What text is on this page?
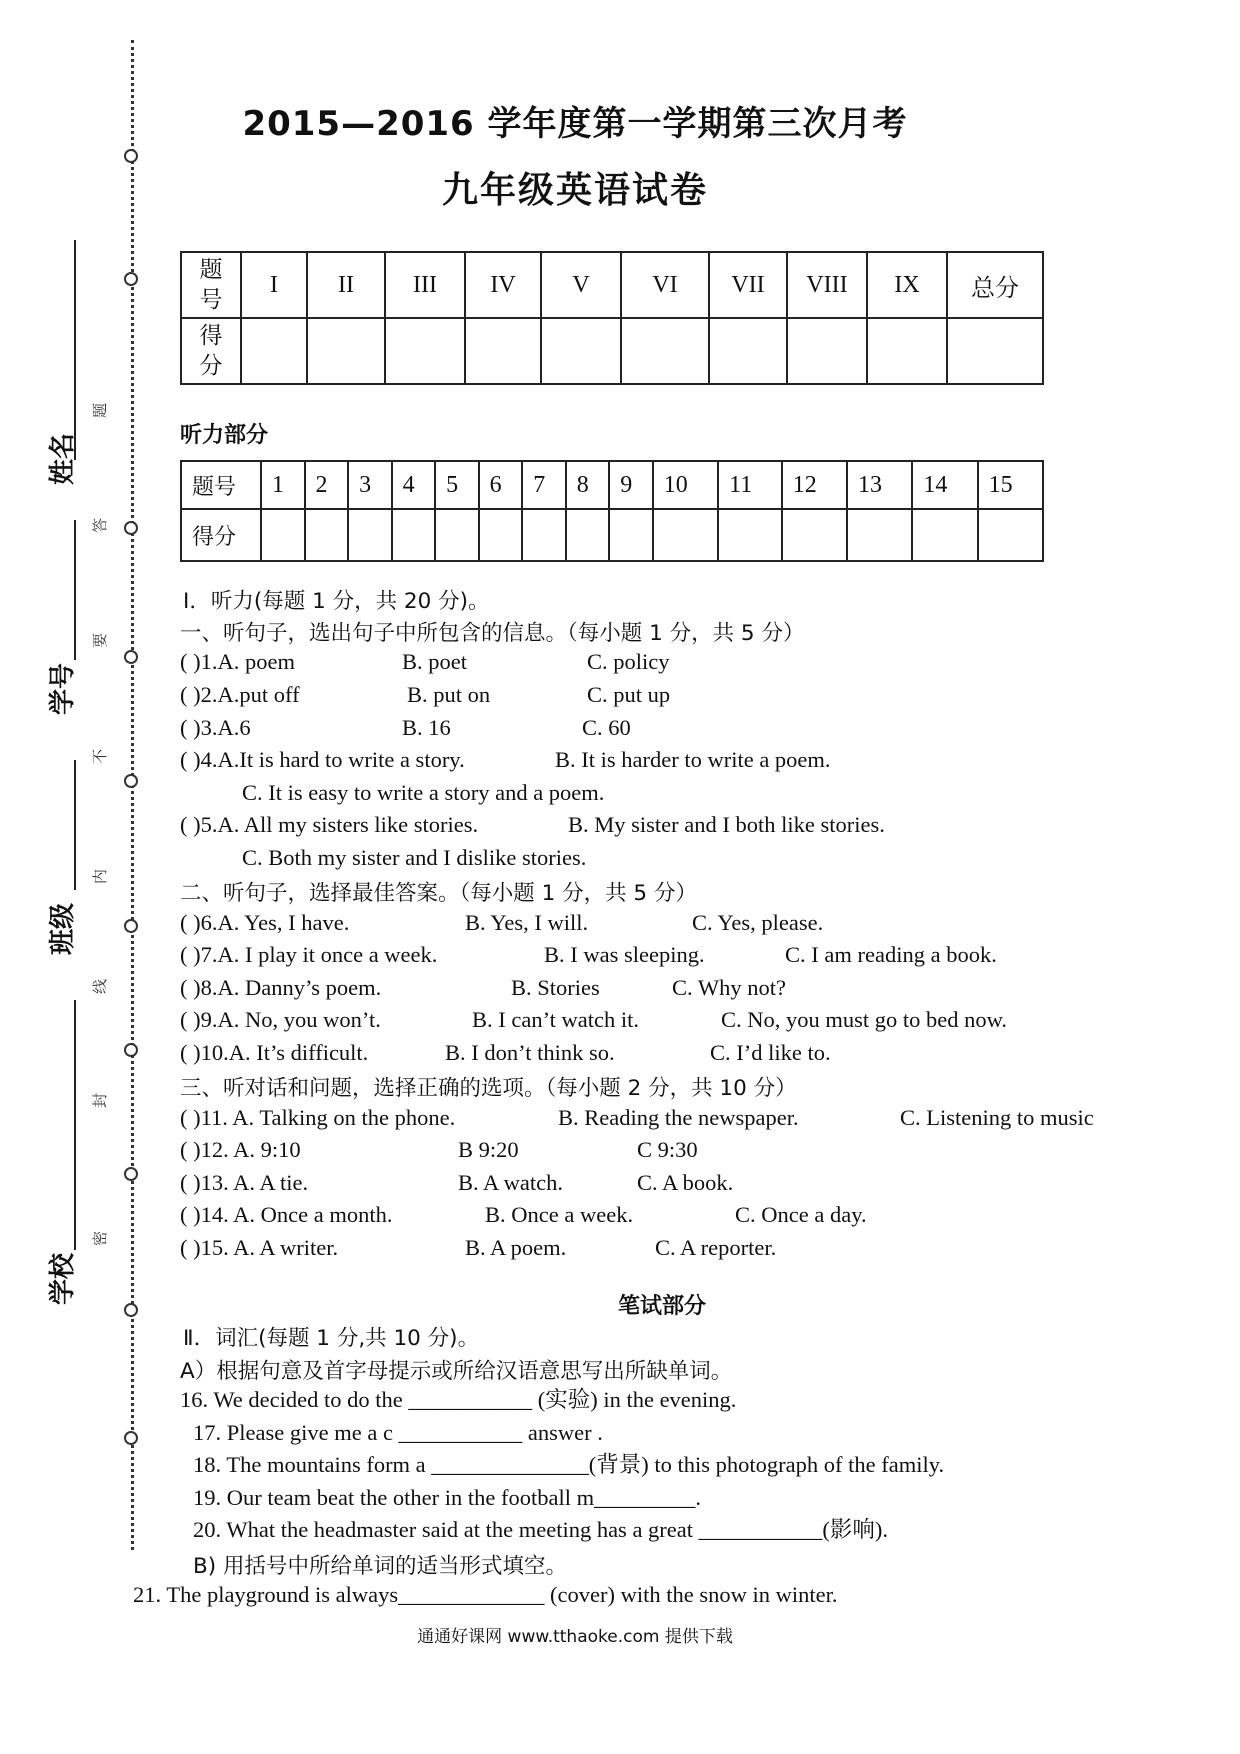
题
答
要
不
内
线
封
密
姓名
学号
班级
学校
2015—2016 学年度第一学期第三次月考
九年级英语试卷
题号	I	II	III	IV	V	VI	VII	VIII	IX	总分
得分										
听力部分
题号	1	2	3	4	5	6	7	8	9	10	11	12	13	14	15
得分															
Ⅰ．听力(每题 1 分，共 20 分)。
一、听句子，选出句子中所包含的信息。（每小题 1 分，共 5 分）
( )1.A. poem	B. poet	C. policy
( )2.A.put off	B. put on	C. put up
( )3.A.6	B. 16	C. 60
( )4.A.It is hard to write a story.	B. It is harder to write a poem.
C. It is easy to write a story and a poem.
( )5.A. All my sisters like stories.	B. My sister and I both like stories.
C. Both my sister and I dislike stories.
二、听句子，选择最佳答案。（每小题 1 分，共 5 分）
( )6.A. Yes, I have.	B. Yes, I will.	C. Yes, please.
( )7.A. I play it once a week.	B. I was sleeping.	C. I am reading a book.
( )8.A. Danny’s poem.	B. Stories	C. Why not?
( )9.A. No, you won’t.	B. I can’t watch it.	C. No, you must go to bed now.
( )10.A. It’s difficult.	B. I don’t think so.	C. I’d like to.
三、听对话和问题，选择正确的选项。（每小题 2 分，共 10 分）
( )11. A. Talking on the phone.	B. Reading the newspaper.	C. Listening to music
( )12. A. 9:10	B 9:20	C 9:30
( )13. A. A tie.	B. A watch.	C. A book.
( )14. A. Once a month.	B. Once a week.	C. Once a day.
( )15. A. A writer.	B. A poem.	C. A reporter.
笔试部分
Ⅱ．词汇(每题 1 分,共 10 分)。
A）根据句意及首字母提示或所给汉语意思写出所缺单词。
16. We decided to do the ___________ (实验) in the evening.
17. Please give me a c ___________ answer .
18. The mountains form a ______________(背景) to this photograph of the family.
19. Our team beat the other in the football m_________.
20. What the headmaster said at the meeting has a great ___________(影响).
B) 用括号中所给单词的适当形式填空。
21. The playground is always_____________ (cover) with the snow in winter.
通通好课网 www.tthaoke.com 提供下载
